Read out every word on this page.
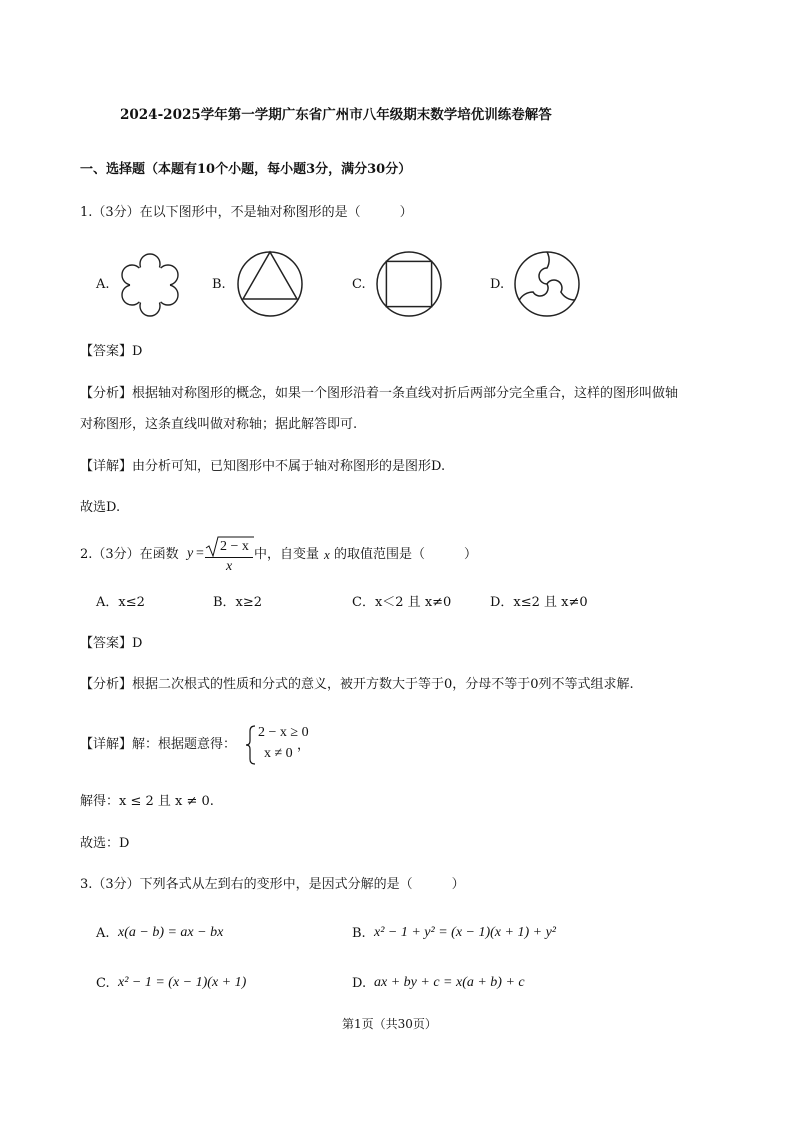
2024-2025学年第一学期广东省广州市八年级期末数学培优训练卷解答
一、选择题（本题有10个小题，每小题3分，满分30分）
1.（3分）在以下图形中，不是轴对称图形的是（　　　）
A.	B.	C.	D.
【答案】D
【分析】根据轴对称图形的概念，如果一个图形沿着一条直线对折后两部分完全重合，这样的图形叫做轴
对称图形，这条直线叫做对称轴；据此解答即可.
【详解】由分析可知，已知图形中不属于轴对称图形的是图形D.
故选D.
2.（3分）在函数 y = 2 − x
x
中，自变量 x 的取值范围是（　　　）
A．x≤2	B．x≥2	C．x＜2 且 x≠0	D．x≤2 且 x≠0
【答案】D
【分析】根据二次根式的性质和分式的意义，被开方数大于等于0，分母不等于0列不等式组求解.
【详解】解：根据题意得：
2 − x ≥ 0
x ≠ 0
，
解得：x ≤ 2 且 x ≠ 0.
故选：D
3.（3分）下列各式从左到右的变形中，是因式分解的是（　　　）
A. x(a − b) = ax − bx	B. x² − 1 + y² = (x − 1)(x + 1) + y²
C. x² − 1 = (x − 1)(x + 1)	D. ax + by + c = x(a + b) + c
第1页（共30页）
